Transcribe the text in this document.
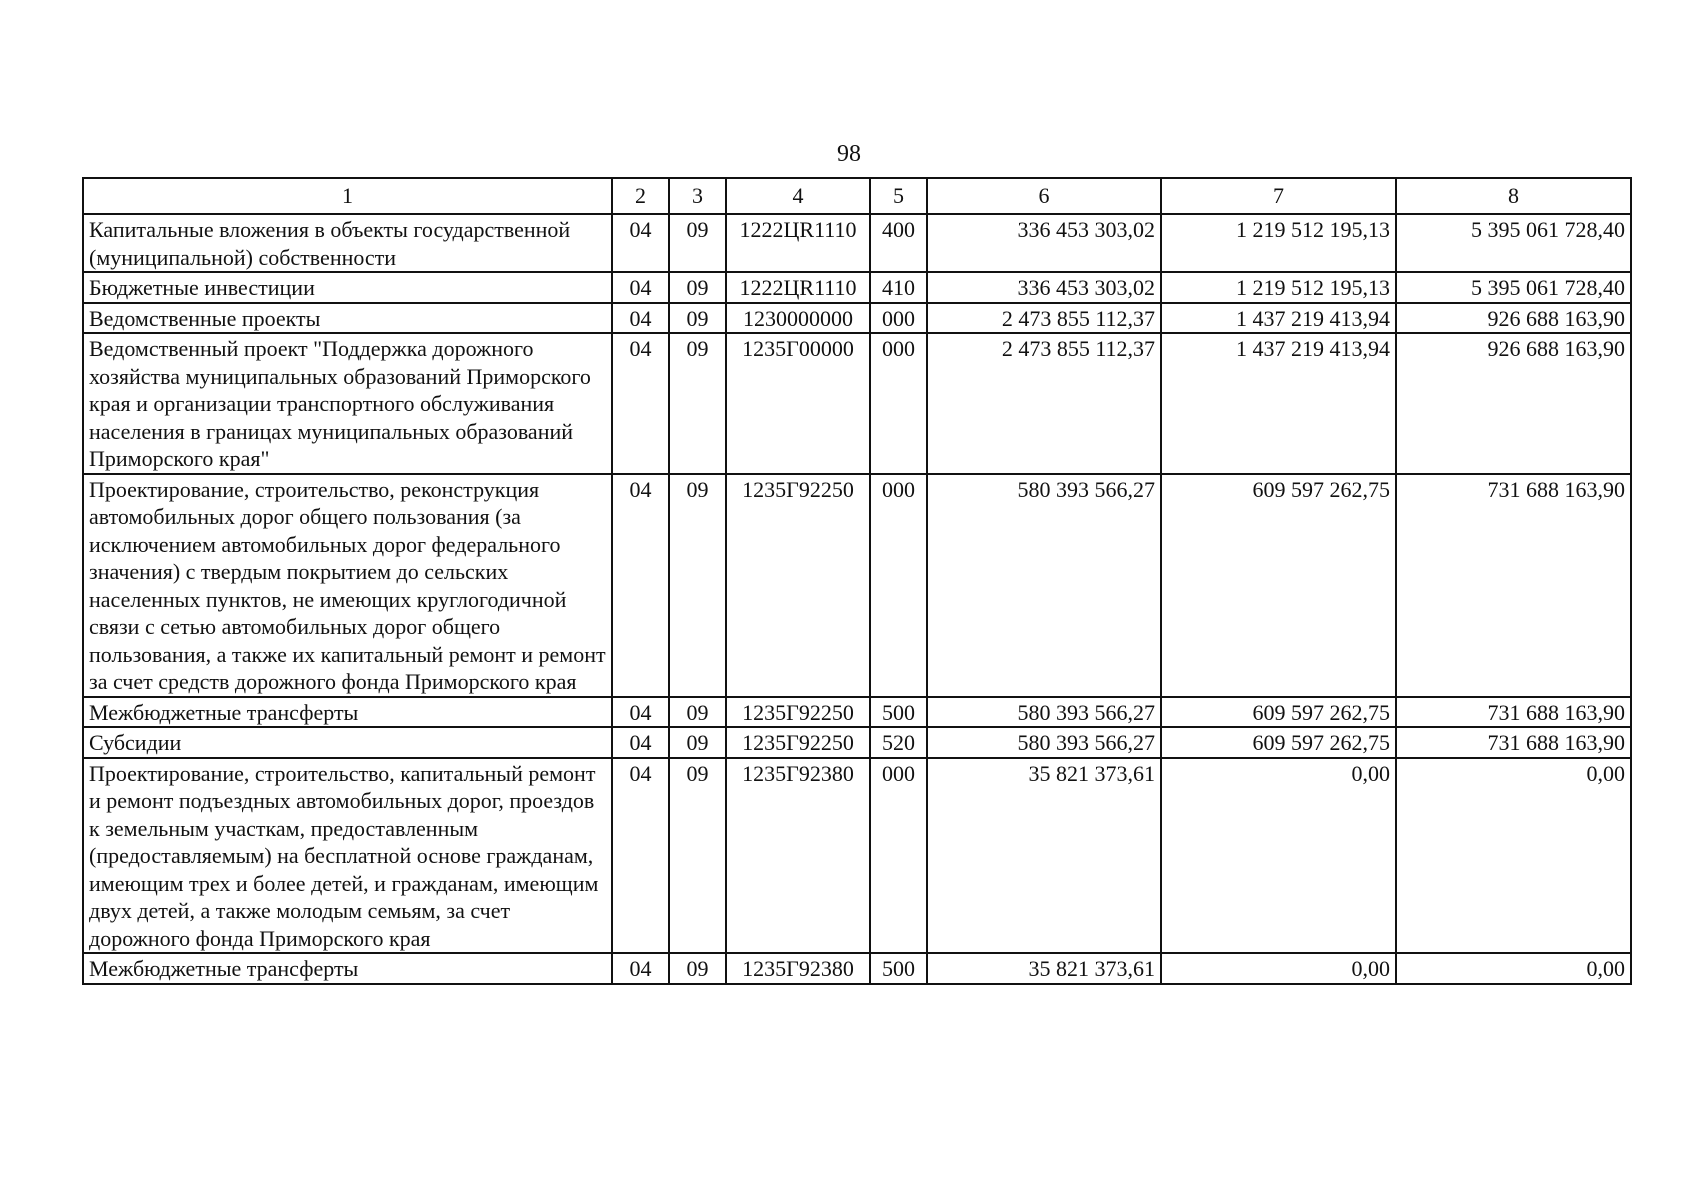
98
1	2	3	4	5	6	7	8
Капитальные вложения в объекты государственной (муниципальной) собственности	04	09	1222ЦR1110	400	336 453 303,02	1 219 512 195,13	5 395 061 728,40
Бюджетные инвестиции	04	09	1222ЦR1110	410	336 453 303,02	1 219 512 195,13	5 395 061 728,40
Ведомственные проекты	04	09	1230000000	000	2 473 855 112,37	1 437 219 413,94	926 688 163,90
Ведомственный проект "Поддержка дорожного хозяйства муниципальных образований Приморского края и организации транспортного обслуживания населения в границах муниципальных образований Приморского края"	04	09	1235Г00000	000	2 473 855 112,37	1 437 219 413,94	926 688 163,90
Проектирование, строительство, реконструкция автомобильных дорог общего пользования (за исключением автомобильных дорог федерального значения) с твердым покрытием до сельских населенных пунктов, не имеющих круглогодичной связи с сетью автомобильных дорог общего пользования, а также их капитальный ремонт и ремонт за счет средств дорожного фонда Приморского края	04	09	1235Г92250	000	580 393 566,27	609 597 262,75	731 688 163,90
Межбюджетные трансферты	04	09	1235Г92250	500	580 393 566,27	609 597 262,75	731 688 163,90
Субсидии	04	09	1235Г92250	520	580 393 566,27	609 597 262,75	731 688 163,90
Проектирование, строительство, капитальный ремонт и ремонт подъездных автомобильных дорог, проездов к земельным участкам, предоставленным (предоставляемым) на бесплатной основе гражданам, имеющим трех и более детей, и гражданам, имеющим двух детей, а также молодым семьям, за счет дорожного фонда Приморского края	04	09	1235Г92380	000	35 821 373,61	0,00	0,00
Межбюджетные трансферты	04	09	1235Г92380	500	35 821 373,61	0,00	0,00
